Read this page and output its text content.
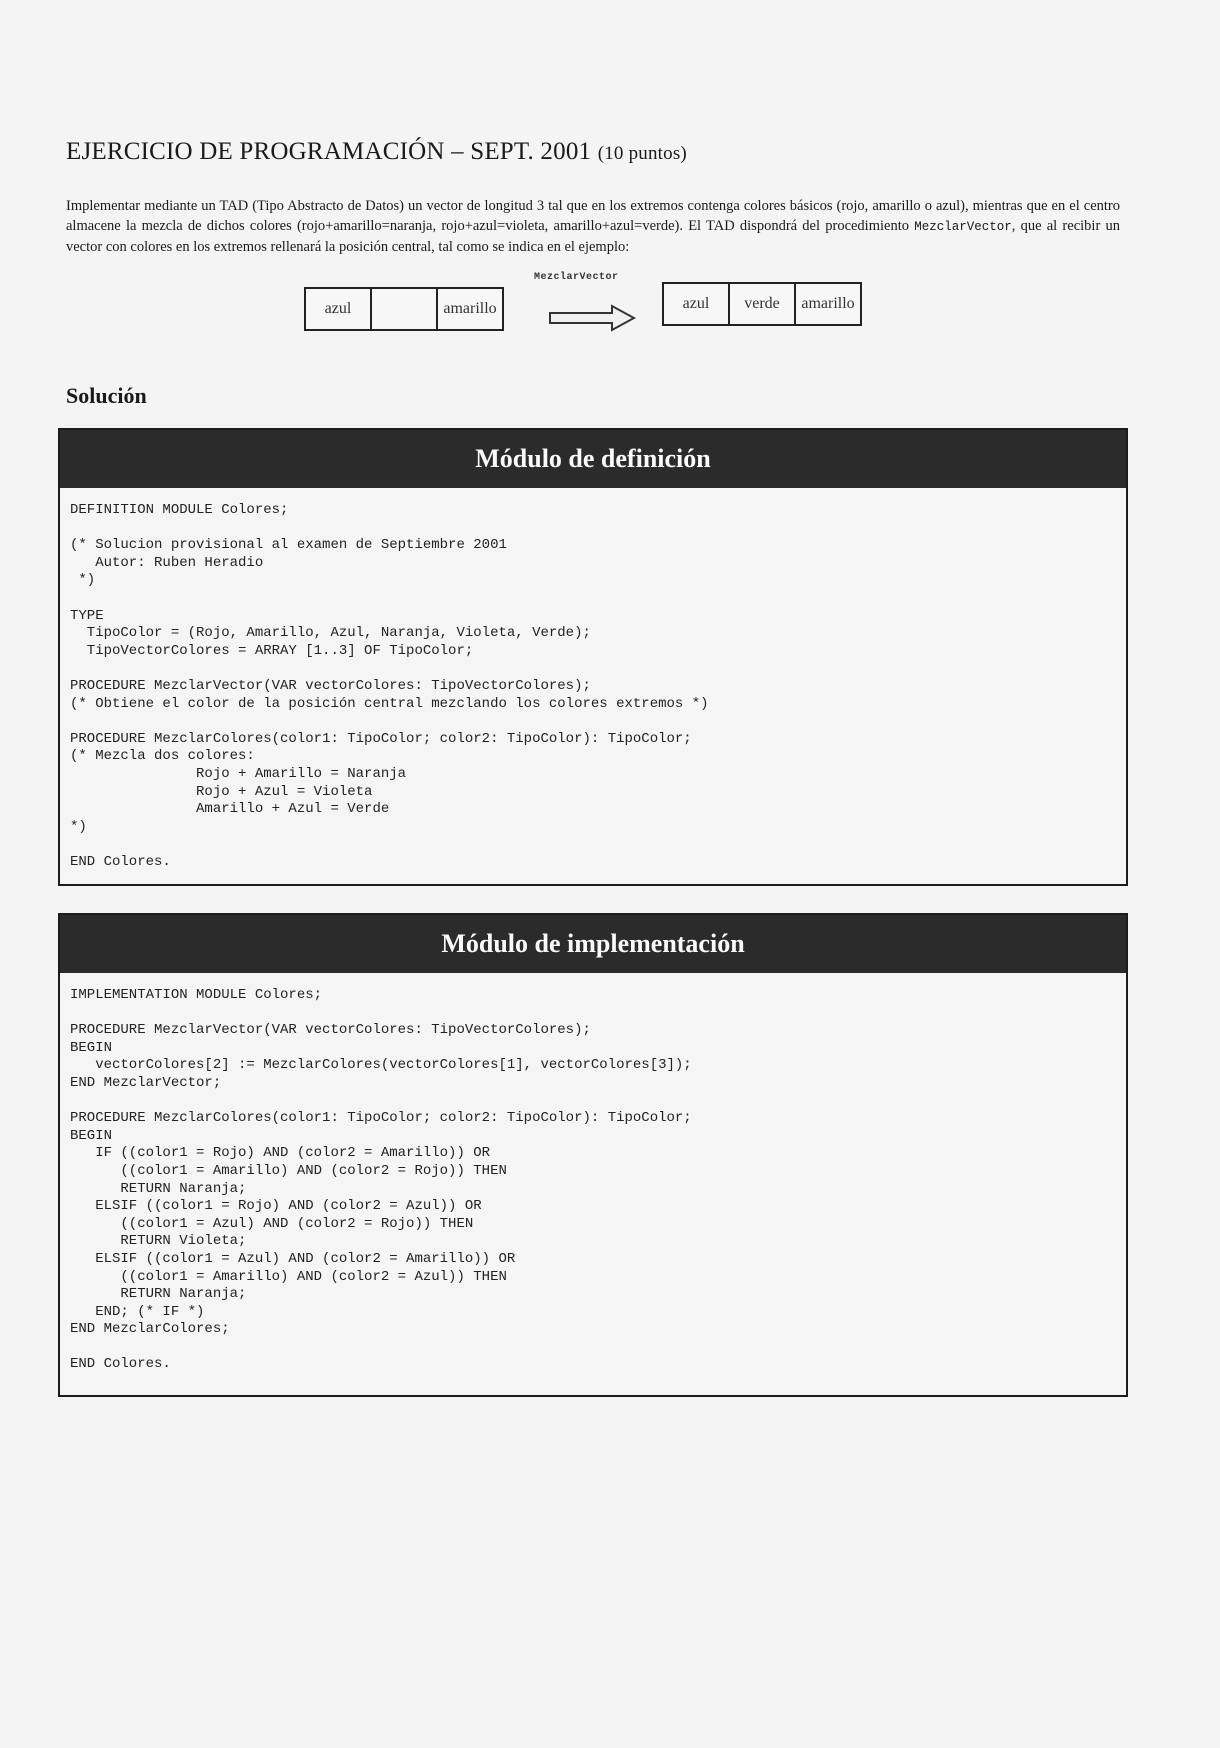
EJERCICIO DE PROGRAMACIÓN – SEPT. 2001 (10 puntos)
Implementar mediante un TAD (Tipo Abstracto de Datos) un vector de longitud 3 tal que en los extremos contenga colores básicos (rojo, amarillo o azul), mientras que en el centro almacene la mezcla de dichos colores (rojo+amarillo=naranja, rojo+azul=violeta, amarillo+azul=verde). El TAD dispondrá del procedimiento MezclarVector, que al recibir un vector con colores en los extremos rellenará la posición central, tal como se indica en el ejemplo:
azul	amarillo
MezclarVector
azul	verde	amarillo
Solución
Módulo de definición
DEFINITION MODULE Colores;

(* Solucion provisional al examen de Septiembre 2001
Autor: Ruben Heradio
*)

TYPE
TipoColor = (Rojo, Amarillo, Azul, Naranja, Violeta, Verde);
TipoVectorColores = ARRAY [1..3] OF TipoColor;

PROCEDURE MezclarVector(VAR vectorColores: TipoVectorColores);
(* Obtiene el color de la posición central mezclando los colores extremos *)

PROCEDURE MezclarColores(color1: TipoColor; color2: TipoColor): TipoColor;
(* Mezcla dos colores:
Rojo + Amarillo = Naranja
Rojo + Azul = Violeta
Amarillo + Azul = Verde
*)

END Colores.
Módulo de implementación
IMPLEMENTATION MODULE Colores;

PROCEDURE MezclarVector(VAR vectorColores: TipoVectorColores);
BEGIN
vectorColores[2] := MezclarColores(vectorColores[1], vectorColores[3]);
END MezclarVector;

PROCEDURE MezclarColores(color1: TipoColor; color2: TipoColor): TipoColor;
BEGIN
IF ((color1 = Rojo) AND (color2 = Amarillo)) OR
((color1 = Amarillo) AND (color2 = Rojo)) THEN
RETURN Naranja;
ELSIF ((color1 = Rojo) AND (color2 = Azul)) OR
((color1 = Azul) AND (color2 = Rojo)) THEN
RETURN Violeta;
ELSIF ((color1 = Azul) AND (color2 = Amarillo)) OR
((color1 = Amarillo) AND (color2 = Azul)) THEN
RETURN Naranja;
END; (* IF *)
END MezclarColores;

END Colores.
